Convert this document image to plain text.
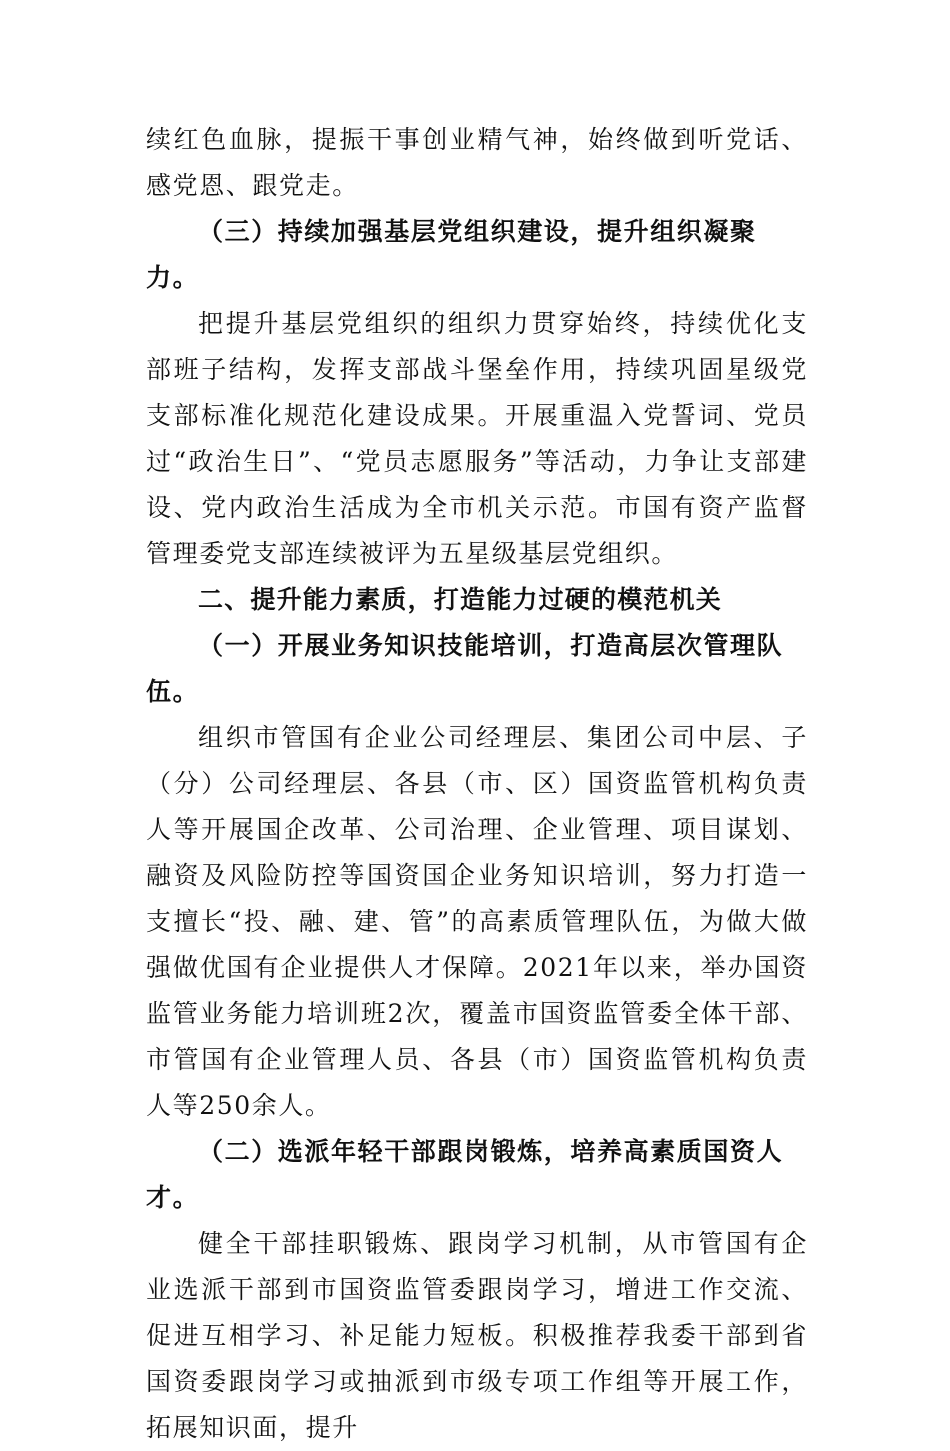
续红色血脉，提振干事创业精气神，始终做到听党话、感党恩、跟党走。

（三）持续加强基层党组织建设，提升组织凝聚力。

把提升基层党组织的组织力贯穿始终，持续优化支部班子结构，发挥支部战斗堡垒作用，持续巩固星级党支部标准化规范化建设成果。开展重温入党誓词、党员过“政治生日”、“党员志愿服务”等活动，力争让支部建设、党内政治生活成为全市机关示范。市国有资产监督管理委党支部连续被评为五星级基层党组织。

二、提升能力素质，打造能力过硬的模范机关

（一）开展业务知识技能培训，打造高层次管理队伍。

组织市管国有企业公司经理层、集团公司中层、子（分）公司经理层、各县（市、区）国资监管机构负责人等开展国企改革、公司治理、企业管理、项目谋划、融资及风险防控等国资国企业务知识培训，努力打造一支擅长“投、融、建、管”的高素质管理队伍，为做大做强做优国有企业提供人才保障。2021年以来，举办国资监管业务能力培训班2次，覆盖市国资监管委全体干部、市管国有企业管理人员、各县（市）国资监管机构负责人等250余人。

（二）选派年轻干部跟岗锻炼，培养高素质国资人才。

健全干部挂职锻炼、跟岗学习机制，从市管国有企业选派干部到市国资监管委跟岗学习，增进工作交流、促进互相学习、补足能力短板。积极推荐我委干部到省国资委跟岗学习或抽派到市级专项工作组等开展工作，拓展知识面，提升
